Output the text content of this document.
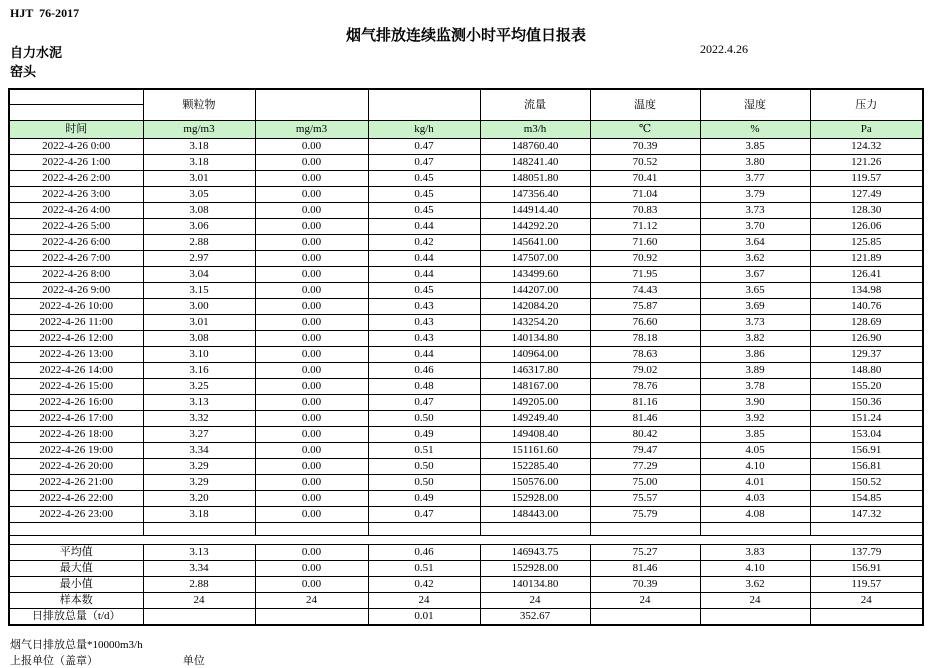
HJT  76-2017
烟气排放连续监测小时平均值日报表
2022.4.26
自力水泥
窑头
	颗粒物			流量	温度	湿度	压力
时间	mg/m3	mg/m3	kg/h	m3/h	℃	%	Pa
2022-4-26 0:00	3.18	0.00	0.47	148760.40	70.39	3.85	124.32
2022-4-26 1:00	3.18	0.00	0.47	148241.40	70.52	3.80	121.26
2022-4-26 2:00	3.01	0.00	0.45	148051.80	70.41	3.77	119.57
2022-4-26 3:00	3.05	0.00	0.45	147356.40	71.04	3.79	127.49
2022-4-26 4:00	3.08	0.00	0.45	144914.40	70.83	3.73	128.30
2022-4-26 5:00	3.06	0.00	0.44	144292.20	71.12	3.70	126.06
2022-4-26 6:00	2.88	0.00	0.42	145641.00	71.60	3.64	125.85
2022-4-26 7:00	2.97	0.00	0.44	147507.00	70.92	3.62	121.89
2022-4-26 8:00	3.04	0.00	0.44	143499.60	71.95	3.67	126.41
2022-4-26 9:00	3.15	0.00	0.45	144207.00	74.43	3.65	134.98
2022-4-26 10:00	3.00	0.00	0.43	142084.20	75.87	3.69	140.76
2022-4-26 11:00	3.01	0.00	0.43	143254.20	76.60	3.73	128.69
2022-4-26 12:00	3.08	0.00	0.43	140134.80	78.18	3.82	126.90
2022-4-26 13:00	3.10	0.00	0.44	140964.00	78.63	3.86	129.37
2022-4-26 14:00	3.16	0.00	0.46	146317.80	79.02	3.89	148.80
2022-4-26 15:00	3.25	0.00	0.48	148167.00	78.76	3.78	155.20
2022-4-26 16:00	3.13	0.00	0.47	149205.00	81.16	3.90	150.36
2022-4-26 17:00	3.32	0.00	0.50	149249.40	81.46	3.92	151.24
2022-4-26 18:00	3.27	0.00	0.49	149408.40	80.42	3.85	153.04
2022-4-26 19:00	3.34	0.00	0.51	151161.60	79.47	4.05	156.91
2022-4-26 20:00	3.29	0.00	0.50	152285.40	77.29	4.10	156.81
2022-4-26 21:00	3.29	0.00	0.50	150576.00	75.00	4.01	150.52
2022-4-26 22:00	3.20	0.00	0.49	152928.00	75.57	4.03	154.85
2022-4-26 23:00	3.18	0.00	0.47	148443.00	75.79	4.08	147.32

平均值	3.13	0.00	0.46	146943.75	75.27	3.83	137.79
最大值	3.34	0.00	0.51	152928.00	81.46	4.10	156.91
最小值	2.88	0.00	0.42	140134.80	70.39	3.62	119.57
样本数	24	24	24	24	24	24	24
日排放总量（t/d）			0.01	352.67			
烟气日排放总量*10000m3/h
上报单位（盖章）	单位
